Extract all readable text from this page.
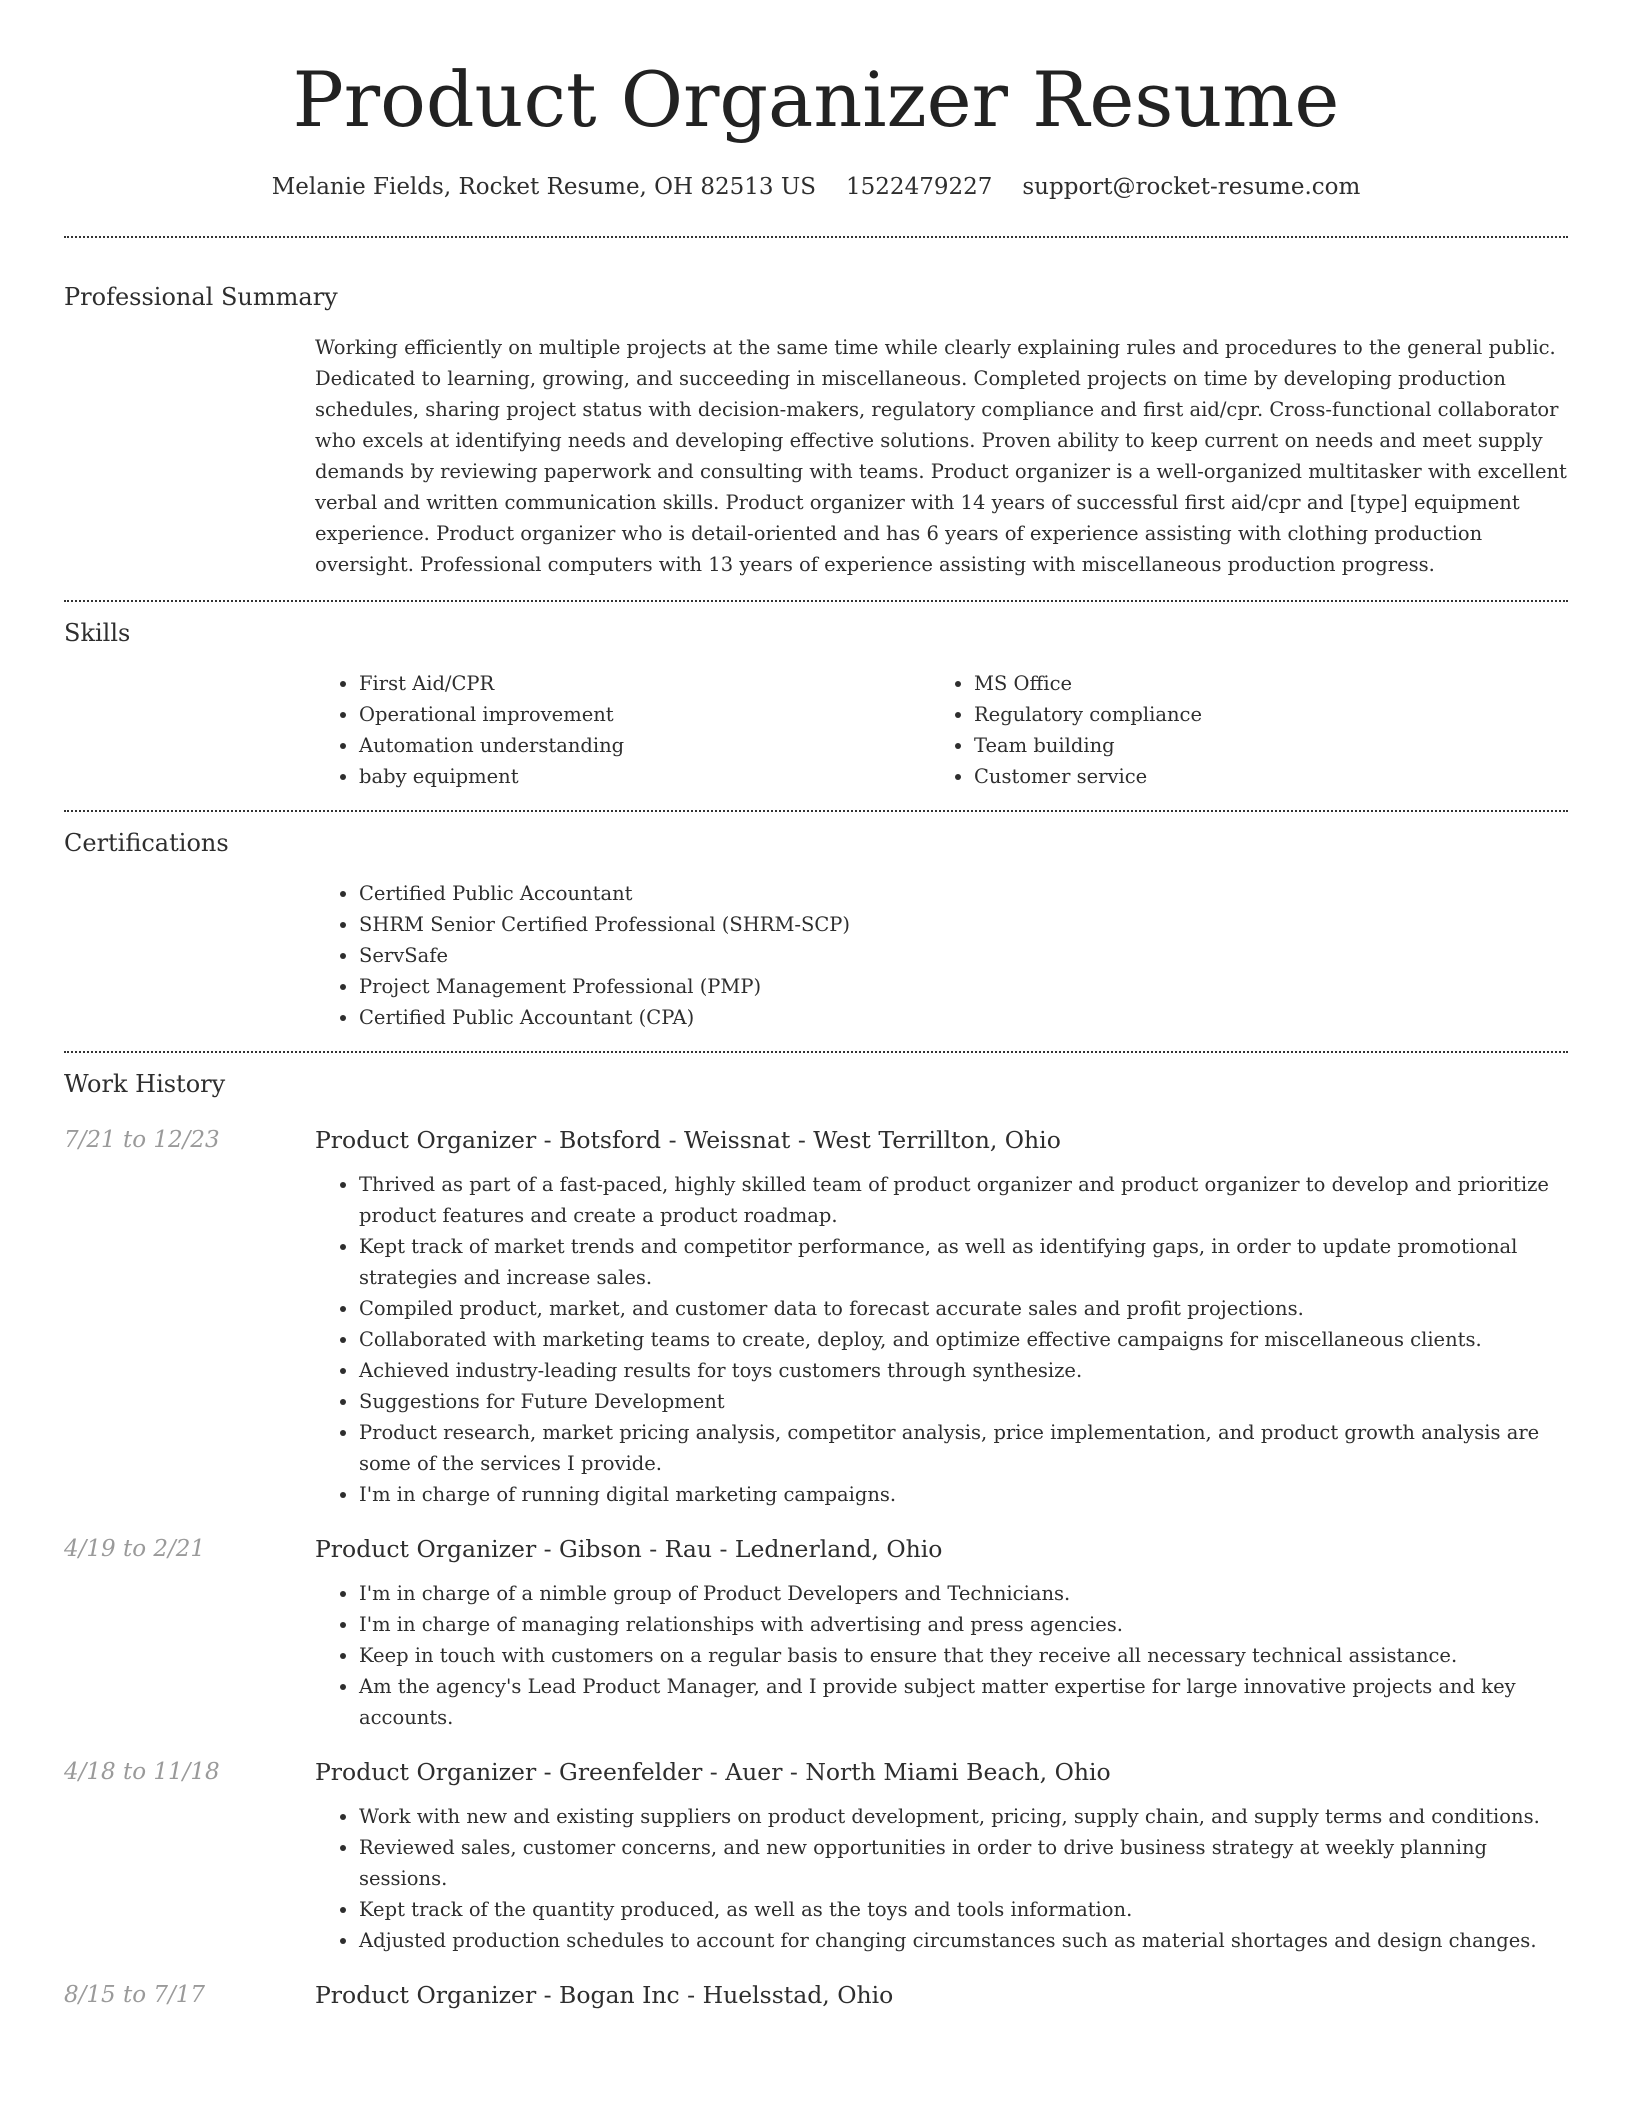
Product Organizer Resume
Melanie Fields, Rocket Resume, OH 82513 US 1522479227 support@rocket-resume.com
Professional Summary
Working efficiently on multiple projects at the same time while clearly explaining rules and procedures to the general public. Dedicated to learning, growing, and succeeding in miscellaneous. Completed projects on time by developing production schedules, sharing project status with decision-makers, regulatory compliance and first aid/cpr. Cross-functional collaborator who excels at identifying needs and developing effective solutions. Proven ability to keep current on needs and meet supply demands by reviewing paperwork and consulting with teams. Product organizer is a well-organized multitasker with excellent verbal and written communication skills. Product organizer with 14 years of successful first aid/cpr and [type] equipment experience. Product organizer who is detail-oriented and has 6 years of experience assisting with clothing production oversight. Professional computers with 13 years of experience assisting with miscellaneous production progress.
Skills
• First Aid/CPR
• Operational improvement
• Automation understanding
• baby equipment
• MS Office
• Regulatory compliance
• Team building
• Customer service
Certifications
• Certified Public Accountant
• SHRM Senior Certified Professional (SHRM-SCP)
• ServSafe
• Project Management Professional (PMP)
• Certified Public Accountant (CPA)
Work History
7/21 to 12/23	Product Organizer - Botsford - Weissnat - West Terrillton, Ohio
• Thrived as part of a fast-paced, highly skilled team of product organizer and product organizer to develop and prioritize product features and create a product roadmap.
• Kept track of market trends and competitor performance, as well as identifying gaps, in order to update promotional strategies and increase sales.
• Compiled product, market, and customer data to forecast accurate sales and profit projections.
• Collaborated with marketing teams to create, deploy, and optimize effective campaigns for miscellaneous clients.
• Achieved industry-leading results for toys customers through synthesize.
• Suggestions for Future Development
• Product research, market pricing analysis, competitor analysis, price implementation, and product growth analysis are some of the services I provide.
• I'm in charge of running digital marketing campaigns.
4/19 to 2/21	Product Organizer - Gibson - Rau - Lednerland, Ohio
• I'm in charge of a nimble group of Product Developers and Technicians.
• I'm in charge of managing relationships with advertising and press agencies.
• Keep in touch with customers on a regular basis to ensure that they receive all necessary technical assistance.
• Am the agency's Lead Product Manager, and I provide subject matter expertise for large innovative projects and key accounts.
4/18 to 11/18	Product Organizer - Greenfelder - Auer - North Miami Beach, Ohio
• Work with new and existing suppliers on product development, pricing, supply chain, and supply terms and conditions.
• Reviewed sales, customer concerns, and new opportunities in order to drive business strategy at weekly planning sessions.
• Kept track of the quantity produced, as well as the toys and tools information.
• Adjusted production schedules to account for changing circumstances such as material shortages and design changes.
8/15 to 7/17	Product Organizer - Bogan Inc - Huelsstad, Ohio
